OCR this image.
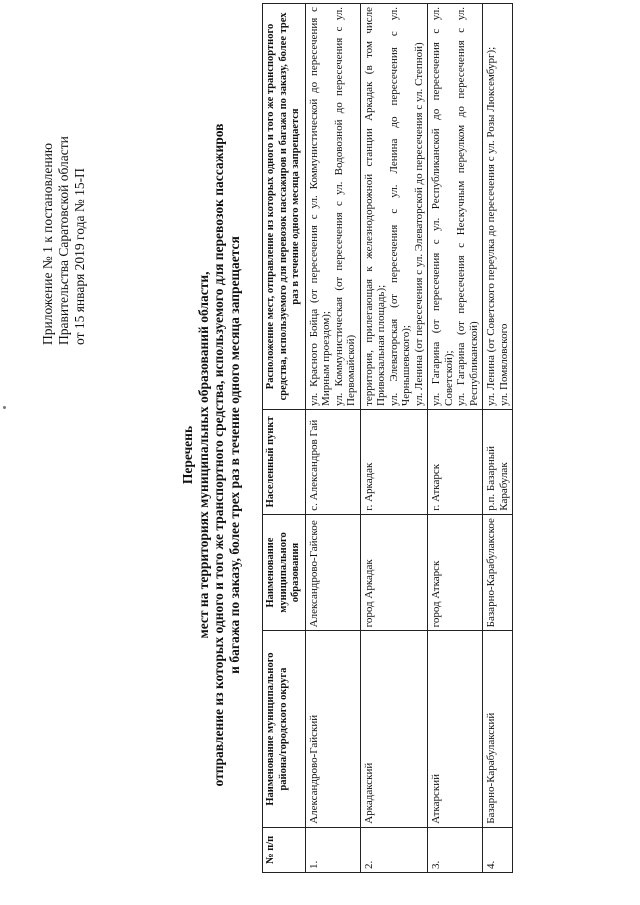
Приложение № 1 к постановлению Правительства Саратовской области от 15 января 2019 года № 15-П
Перечень мест на территориях муниципальных образований области, отправление из которых одного и того же транспортного средства, используемого для перевозок пассажиров и багажа по заказу, более трех раз в течение одного месяца запрещается
№ п/п	Наименование муниципального района/городского округа	Наименование муниципального образования	Населенный пункт	Расположение мест, отправление из которых одного и того же транспортного средства, используемого для перевозок пассажиров и багажа по заказу, более трех раз в течение одного месяца запрещается
1.	Александрово-Гайский	Александрово-Гайское	с. Александров Гай	ул. Красного Бойца (от пересечения с ул. Коммунистической до пересечения с Мирным проездом); ул. Коммунистическая (от пересечения с ул. Водовозной до пересечения с ул. Первомайской)

2.	Аркадакский	город Аркадак	г. Аркадак	территория, прилегающая к железнодорожной станции Аркадак (в том числе Привокзальная площадь); ул. Элеваторская (от пересечения с ул. Ленина до пересечения с ул. Чернышевского); ул. Ленина (от пересечения с ул. Элеваторской до пересечения с ул. Степной)

3.	Аткарский	город Аткарск	г. Аткарск	ул. Гагарина (от пересечения с ул. Республиканской до пересечения с ул. Советской); ул. Гагарина (от пересечения с Нескучным переулком до пересечения с ул. Республиканской)

4.	Базарно-Карабулакский	Базарно-Карабулакское	р.п. Базарный Карабулак	ул. Ленина (от Советского переулка до пересечения с ул. Розы Люксембург); ул. Помяловского
